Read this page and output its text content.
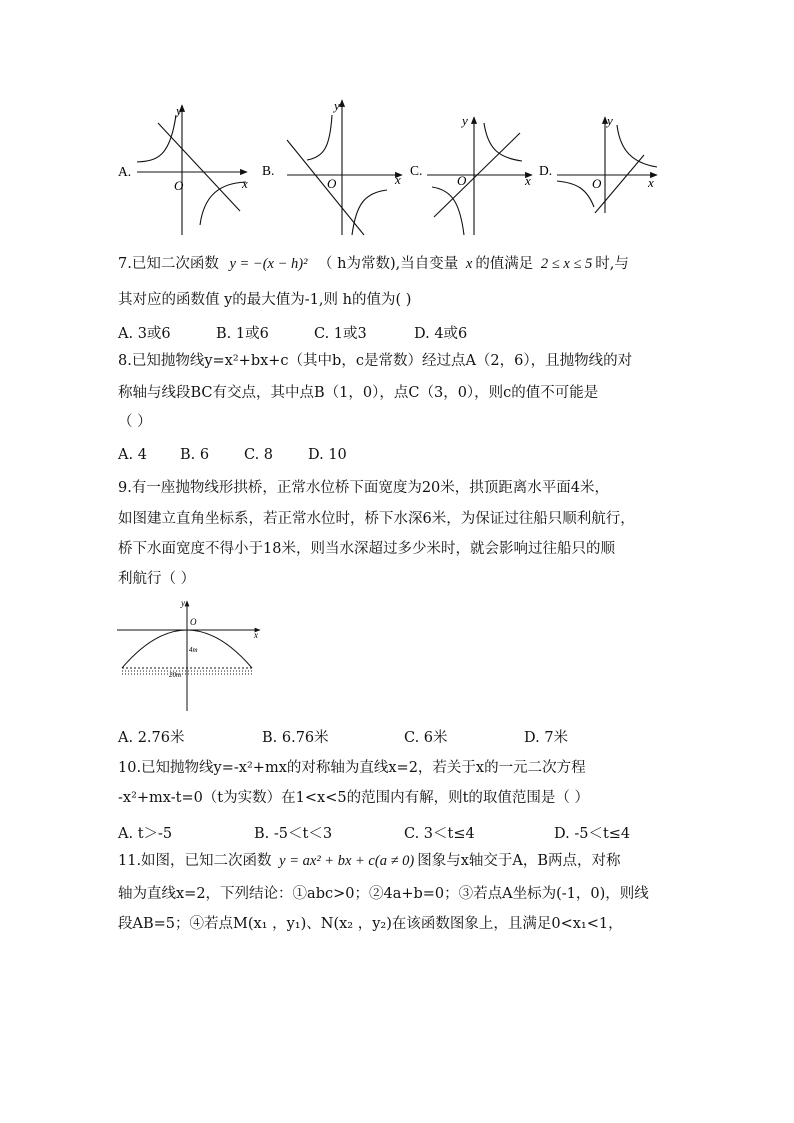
O
y
x
A.
O
y
x
B.
O
y
x
C.
O
y
x
D.
7.已知二次函数 y = −(x − h)² （ h为常数),当自变量 x 的值满足 2 ≤ x ≤ 5 时,与
其对应的函数值 y的最大值为-1,则 h的值为( )
A. 3或6	B. 1或6	C. 1或3	D. 4或6
8.已知抛物线y=x²+bx+c（其中b，c是常数）经过点A（2，6），且抛物线的对
称轴与线段BC有交点，其中点B（1，0），点C（3，0），则c的值不可能是
（ ）
A. 4 B. 6 C. 8 D. 10
9.有一座抛物线形拱桥，正常水位桥下面宽度为20米，拱顶距离水平面4米，
如图建立直角坐标系，若正常水位时，桥下水深6米，为保证过往船只顺利航行，
桥下水面宽度不得小于18米，则当水深超过多少米时，就会影响过往船只的顺
利航行（ ）
y
O
x
4m
20m
A. 2.76米	B. 6.76米	C. 6米	D. 7米
10.已知抛物线y=-x²+mx的对称轴为直线x=2，若关于x的一元二次方程
-x²+mx-t=0（t为实数）在1<x<5的范围内有解，则t的取值范围是（ ）
A. t＞-5	B. -5＜t＜3	C. 3＜t≤4	D. -5＜t≤4
11.如图，已知二次函数 y = ax² + bx + c(a ≠ 0) 图象与x轴交于A，B两点，对称
轴为直线x=2，下列结论：①abc>0；②4a+b=0；③若点A坐标为(-1，0)，则线
段AB=5；④若点M(x₁ ，y₁)、N(x₂ ，y₂)在该函数图象上，且满足0<x₁<1，
